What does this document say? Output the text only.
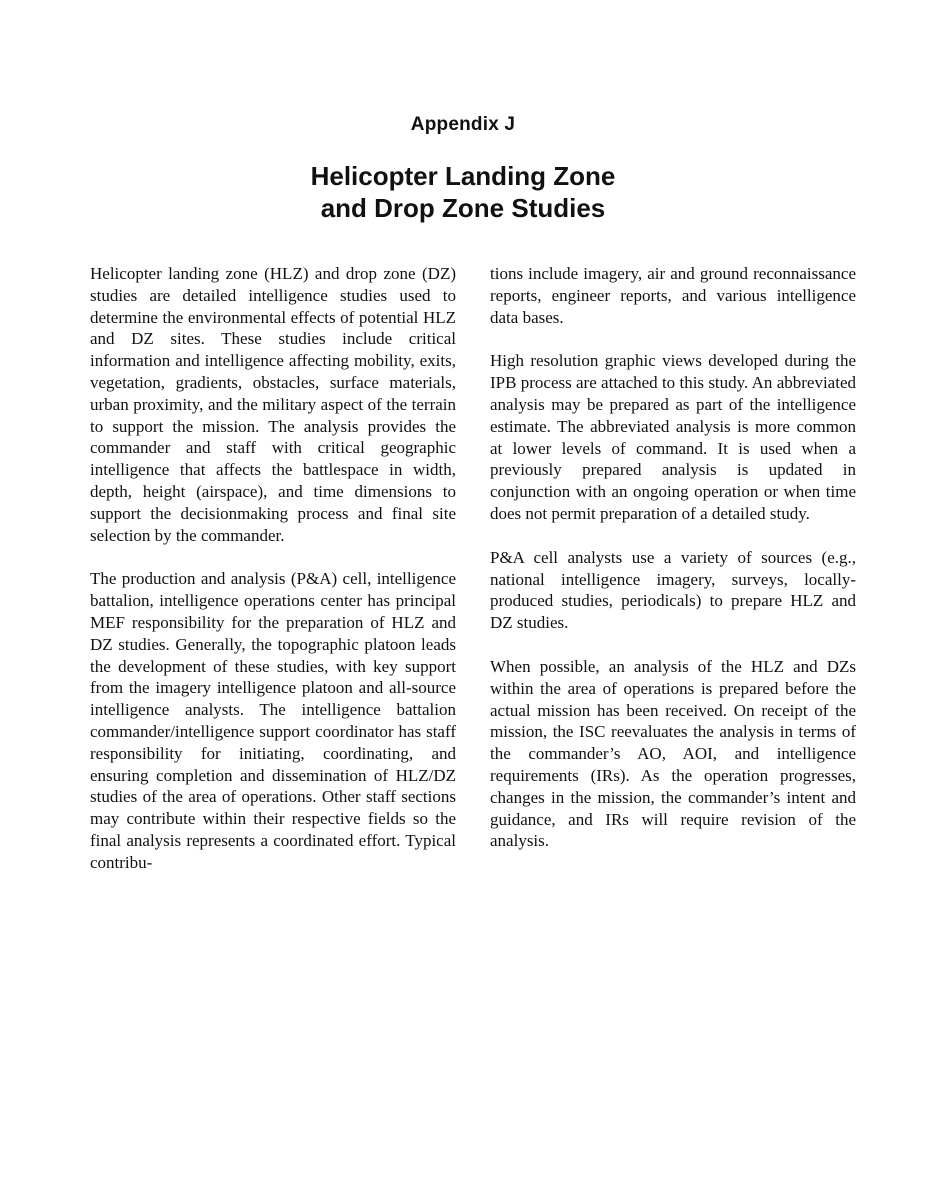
Appendix J
Helicopter Landing Zone
and Drop Zone Studies

Helicopter landing zone (HLZ) and drop zone (DZ) studies are detailed intelligence studies used to determine the environmental effects of potential HLZ and DZ sites. These studies include critical information and intelligence affecting mobility, exits, vegetation, gradients, obstacles, surface materials, urban proximity, and the military aspect of the terrain to support the mission. The analysis provides the commander and staff with critical geographic intelligence that affects the battlespace in width, depth, height (airspace), and time dimensions to support the decisionmaking process and final site selection by the commander.

The production and analysis (P&A) cell, intelligence battalion, intelligence operations center has principal MEF responsibility for the preparation of HLZ and DZ studies. Generally, the topographic platoon leads the development of these studies, with key support from the imagery intelligence platoon and all-source intelligence analysts. The intelligence battalion commander/intelligence support coordinator has staff responsibility for initiating, coordinating, and ensuring completion and dissemination of HLZ/DZ studies of the area of operations. Other staff sections may contribute within their respective fields so the final analysis represents a coordinated effort. Typical contribu-

tions include imagery, air and ground reconnaissance reports, engineer reports, and various intelligence data bases.

High resolution graphic views developed during the IPB process are attached to this study. An abbreviated analysis may be prepared as part of the intelligence estimate. The abbreviated analysis is more common at lower levels of command. It is used when a previously prepared analysis is updated in conjunction with an ongoing operation or when time does not permit preparation of a detailed study.

P&A cell analysts use a variety of sources (e.g., national intelligence imagery, surveys, locally-produced studies, periodicals) to prepare HLZ and DZ studies.

When possible, an analysis of the HLZ and DZs within the area of operations is prepared before the actual mission has been received. On receipt of the mission, the ISC reevaluates the analysis in terms of the commander’s AO, AOI, and intelligence requirements (IRs). As the operation progresses, changes in the mission, the commander’s intent and guidance, and IRs will require revision of the analysis.
